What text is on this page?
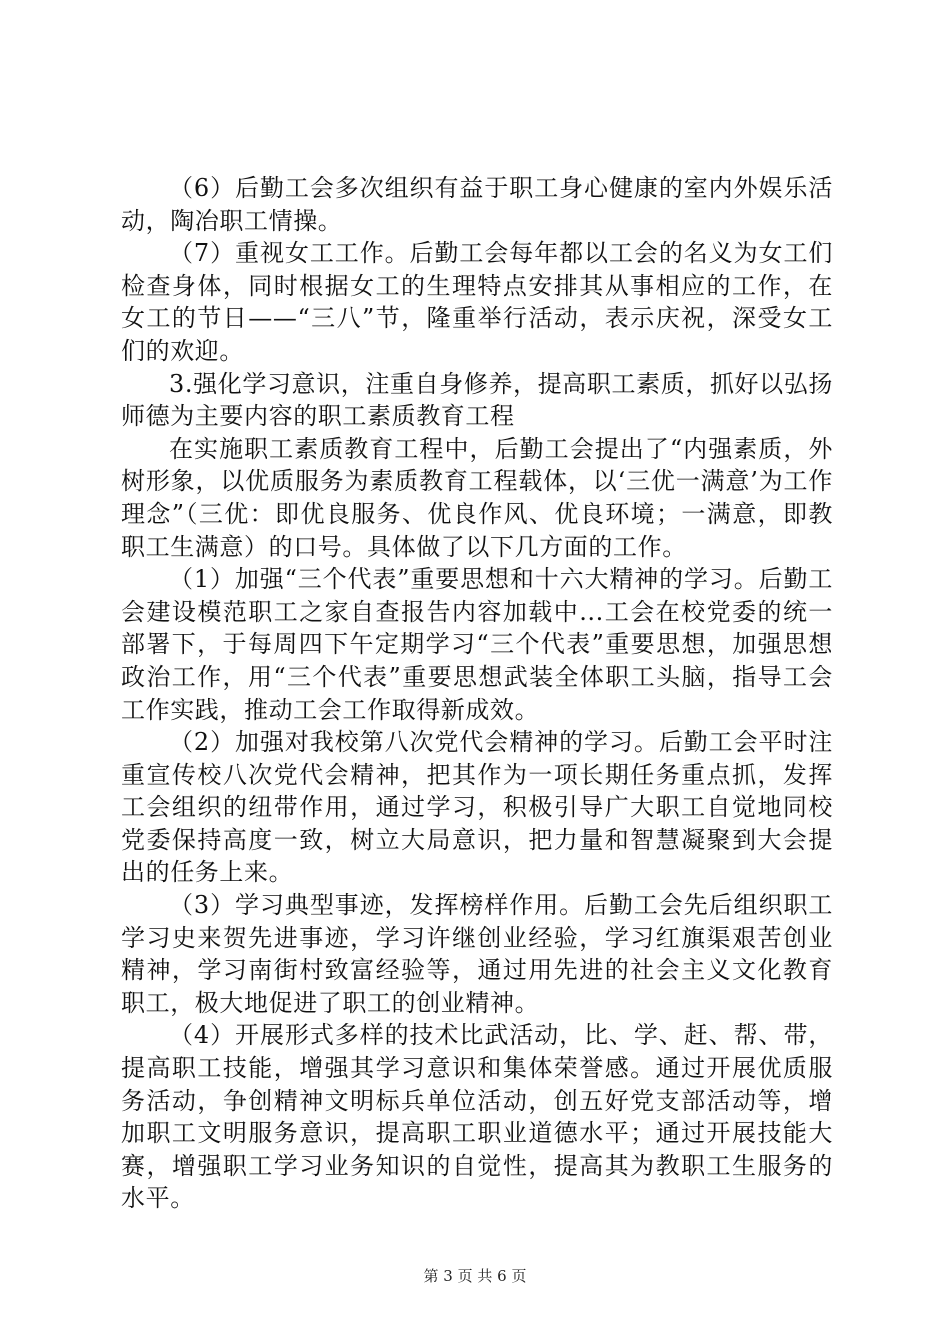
（6）后勤工会多次组织有益于职工身心健康的室内外娱乐活动，陶冶职工情操。

（7）重视女工工作。后勤工会每年都以工会的名义为女工们检查身体，同时根据女工的生理特点安排其从事相应的工作，在女工的节日——“三八”节，隆重举行活动，表示庆祝，深受女工们的欢迎。

3.强化学习意识，注重自身修养，提高职工素质，抓好以弘扬师德为主要内容的职工素质教育工程

在实施职工素质教育工程中，后勤工会提出了“内强素质，外树形象，以优质服务为素质教育工程载体，以‘三优一满意’为工作理念”（三优：即优良服务、优良作风、优良环境；一满意，即教职工生满意）的口号。具体做了以下几方面的工作。

（1）加强“三个代表”重要思想和十六大精神的学习。后勤工会建设模范职工之家自查报告内容加载中...工会在校党委的统一部署下，于每周四下午定期学习“三个代表”重要思想，加强思想政治工作，用“三个代表”重要思想武装全体职工头脑，指导工会工作实践，推动工会工作取得新成效。

（2）加强对我校第八次党代会精神的学习。后勤工会平时注重宣传校八次党代会精神，把其作为一项长期任务重点抓，发挥工会组织的纽带作用，通过学习，积极引导广大职工自觉地同校党委保持高度一致，树立大局意识，把力量和智慧凝聚到大会提出的任务上来。

（3）学习典型事迹，发挥榜样作用。后勤工会先后组织职工学习史来贺先进事迹，学习许继创业经验，学习红旗渠艰苦创业精神，学习南街村致富经验等，通过用先进的社会主义文化教育职工，极大地促进了职工的创业精神。

（4）开展形式多样的技术比武活动，比、学、赶、帮、带，提高职工技能，增强其学习意识和集体荣誉感。通过开展优质服务活动，争创精神文明标兵单位活动，创五好党支部活动等，增加职工文明服务意识，提高职工职业道德水平；通过开展技能大赛，增强职工学习业务知识的自觉性，提高其为教职工生服务的水平。

第 3 页 共 6 页
